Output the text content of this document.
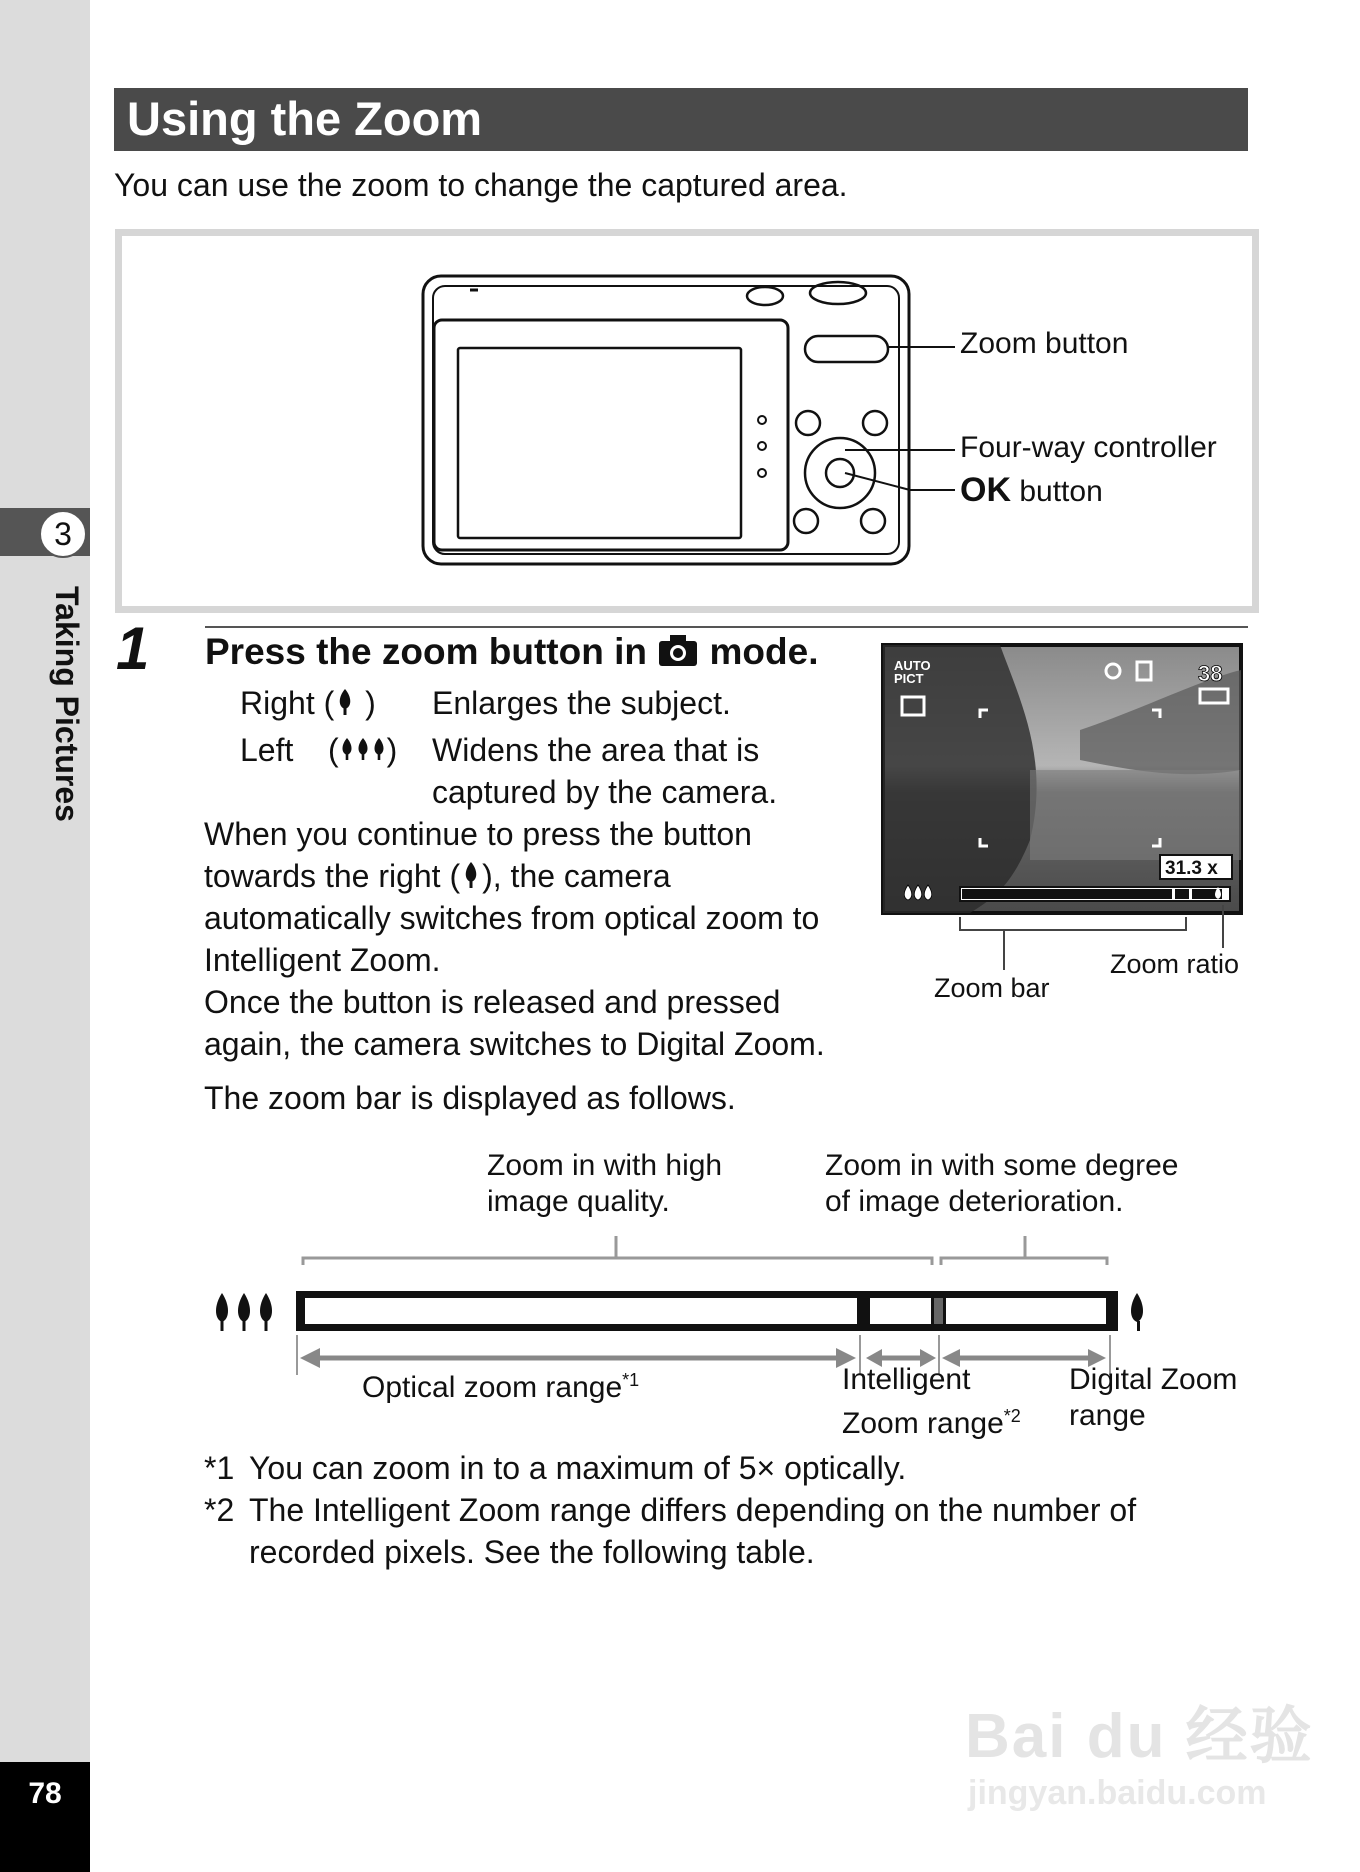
3
Taking Pictures
78
Using the Zoom
You can use the zoom to change the captured area.
Zoom button
Four-way controller
OK button
1 Press the zoom button in mode.
Right ( ) Enlarges the subject.
Left ( ) Widens the area that is
captured by the camera.
When you continue to press the button
towards the right ( ), the camera
automatically switches from optical zoom to
Intelligent Zoom.
Once the button is released and pressed
again, the camera switches to Digital Zoom.
The zoom bar is displayed as follows.
AUTO
PICT	38
31.3 x
Zoom bar
Zoom ratio
Zoom in with high
image quality.
Zoom in with some degree
of image deterioration.
Optical zoom range$^{*1}$	Intelligent
Zoom range$^{*2}$
Digital Zoom
range
*1 You can zoom in to a maximum of 5× optically.
*2 The Intelligent Zoom range differs depending on the number of
recorded pixels. See the following table.
Bai du 经验
jingyan.baidu.com
